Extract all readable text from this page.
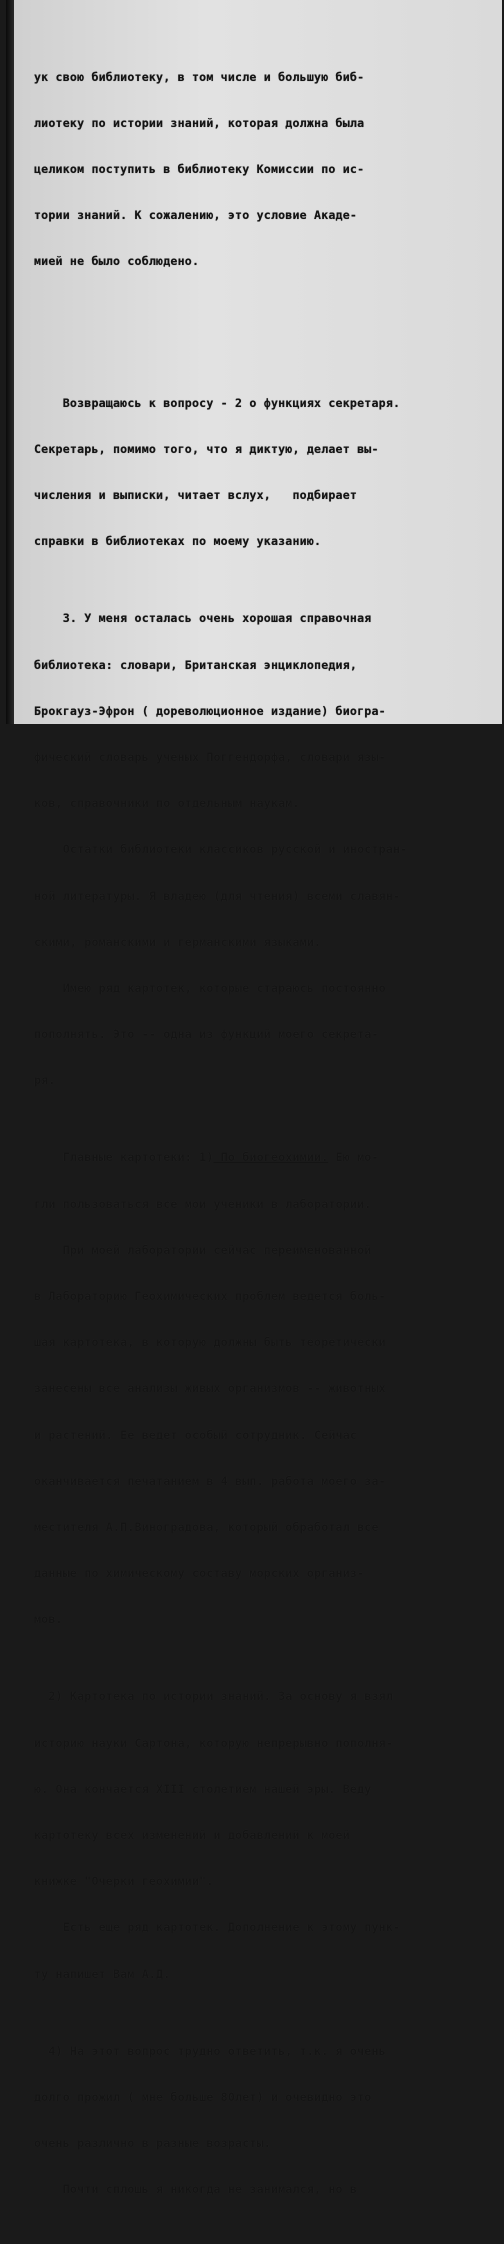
ук свою библиотеку, в том числе и большую биб-

лиотеку по истории знаний, которая должна была

целиком поступить в библиотеку Комиссии по ис-

тории знаний. К сожалению, это условие Акаде-

мией не было соблюдено.

Возвращаюсь к вопросу - 2 о функциях секретаря.

Секретарь, помимо того, что я диктую, делает вы-

числения и выписки, читает вслух,   подбирает

справки в библиотеках по моему указанию.

3. У меня осталась очень хорошая справочная

библиотека: словари, Британская энциклопедия,

Брокгауз-Эфрон ( дореволюционное издание) биогра-

фический словарь ученых Поггендорфа, словари язы-

ков, справочники по отдельным наукам.

Остатки библиотеки классиков русской и иностран-

ной литературы. Я владею (для чтения) всеми славян-

скими, романскими и германскими языками.

Имею ряд картотек, которые стараюсь постоянно

пополнять. Это -- одна из функций моего секрета-

ря.

Главные картотеки: 1) По биогеохимии. Ею мо-

гли пользоваться все мои ученики в лаборатории.

При моей лаборатории сейчас переименованной

в Лабораторию Геохимических проблем ведется боль-

шая картотека, в которую должны быть теоретически

занесены все анализы живых организмов -- животных

и растений. Ее ведет особый сотрудник. Сейчас

оканчивается печатанием в 4 вып. работа моего за-

местителя А.П.Виноградова, который обработал все

данные по химическому составу морских организ-

мов.

2) Картотека по истории знаний. За основу я взял

историю науки Сартона, которую непрерывно пополня-

ю. Она кончается XIII столетием нашей эры. Веду

картотеку всех изменений и добавлений к моей

книжке "Очерки геохимии".

Есть еще ряд картотек. Дополнение к этому пунк-

ту напишет Вам А.Д.

4) На этот вопрос трудно ответить, т.к. я очень

долго прожил ( мне больше 80лет) и очевидно это

очень различно в разные возрасты.

Почти сплошь я никогда не занимался, но в
